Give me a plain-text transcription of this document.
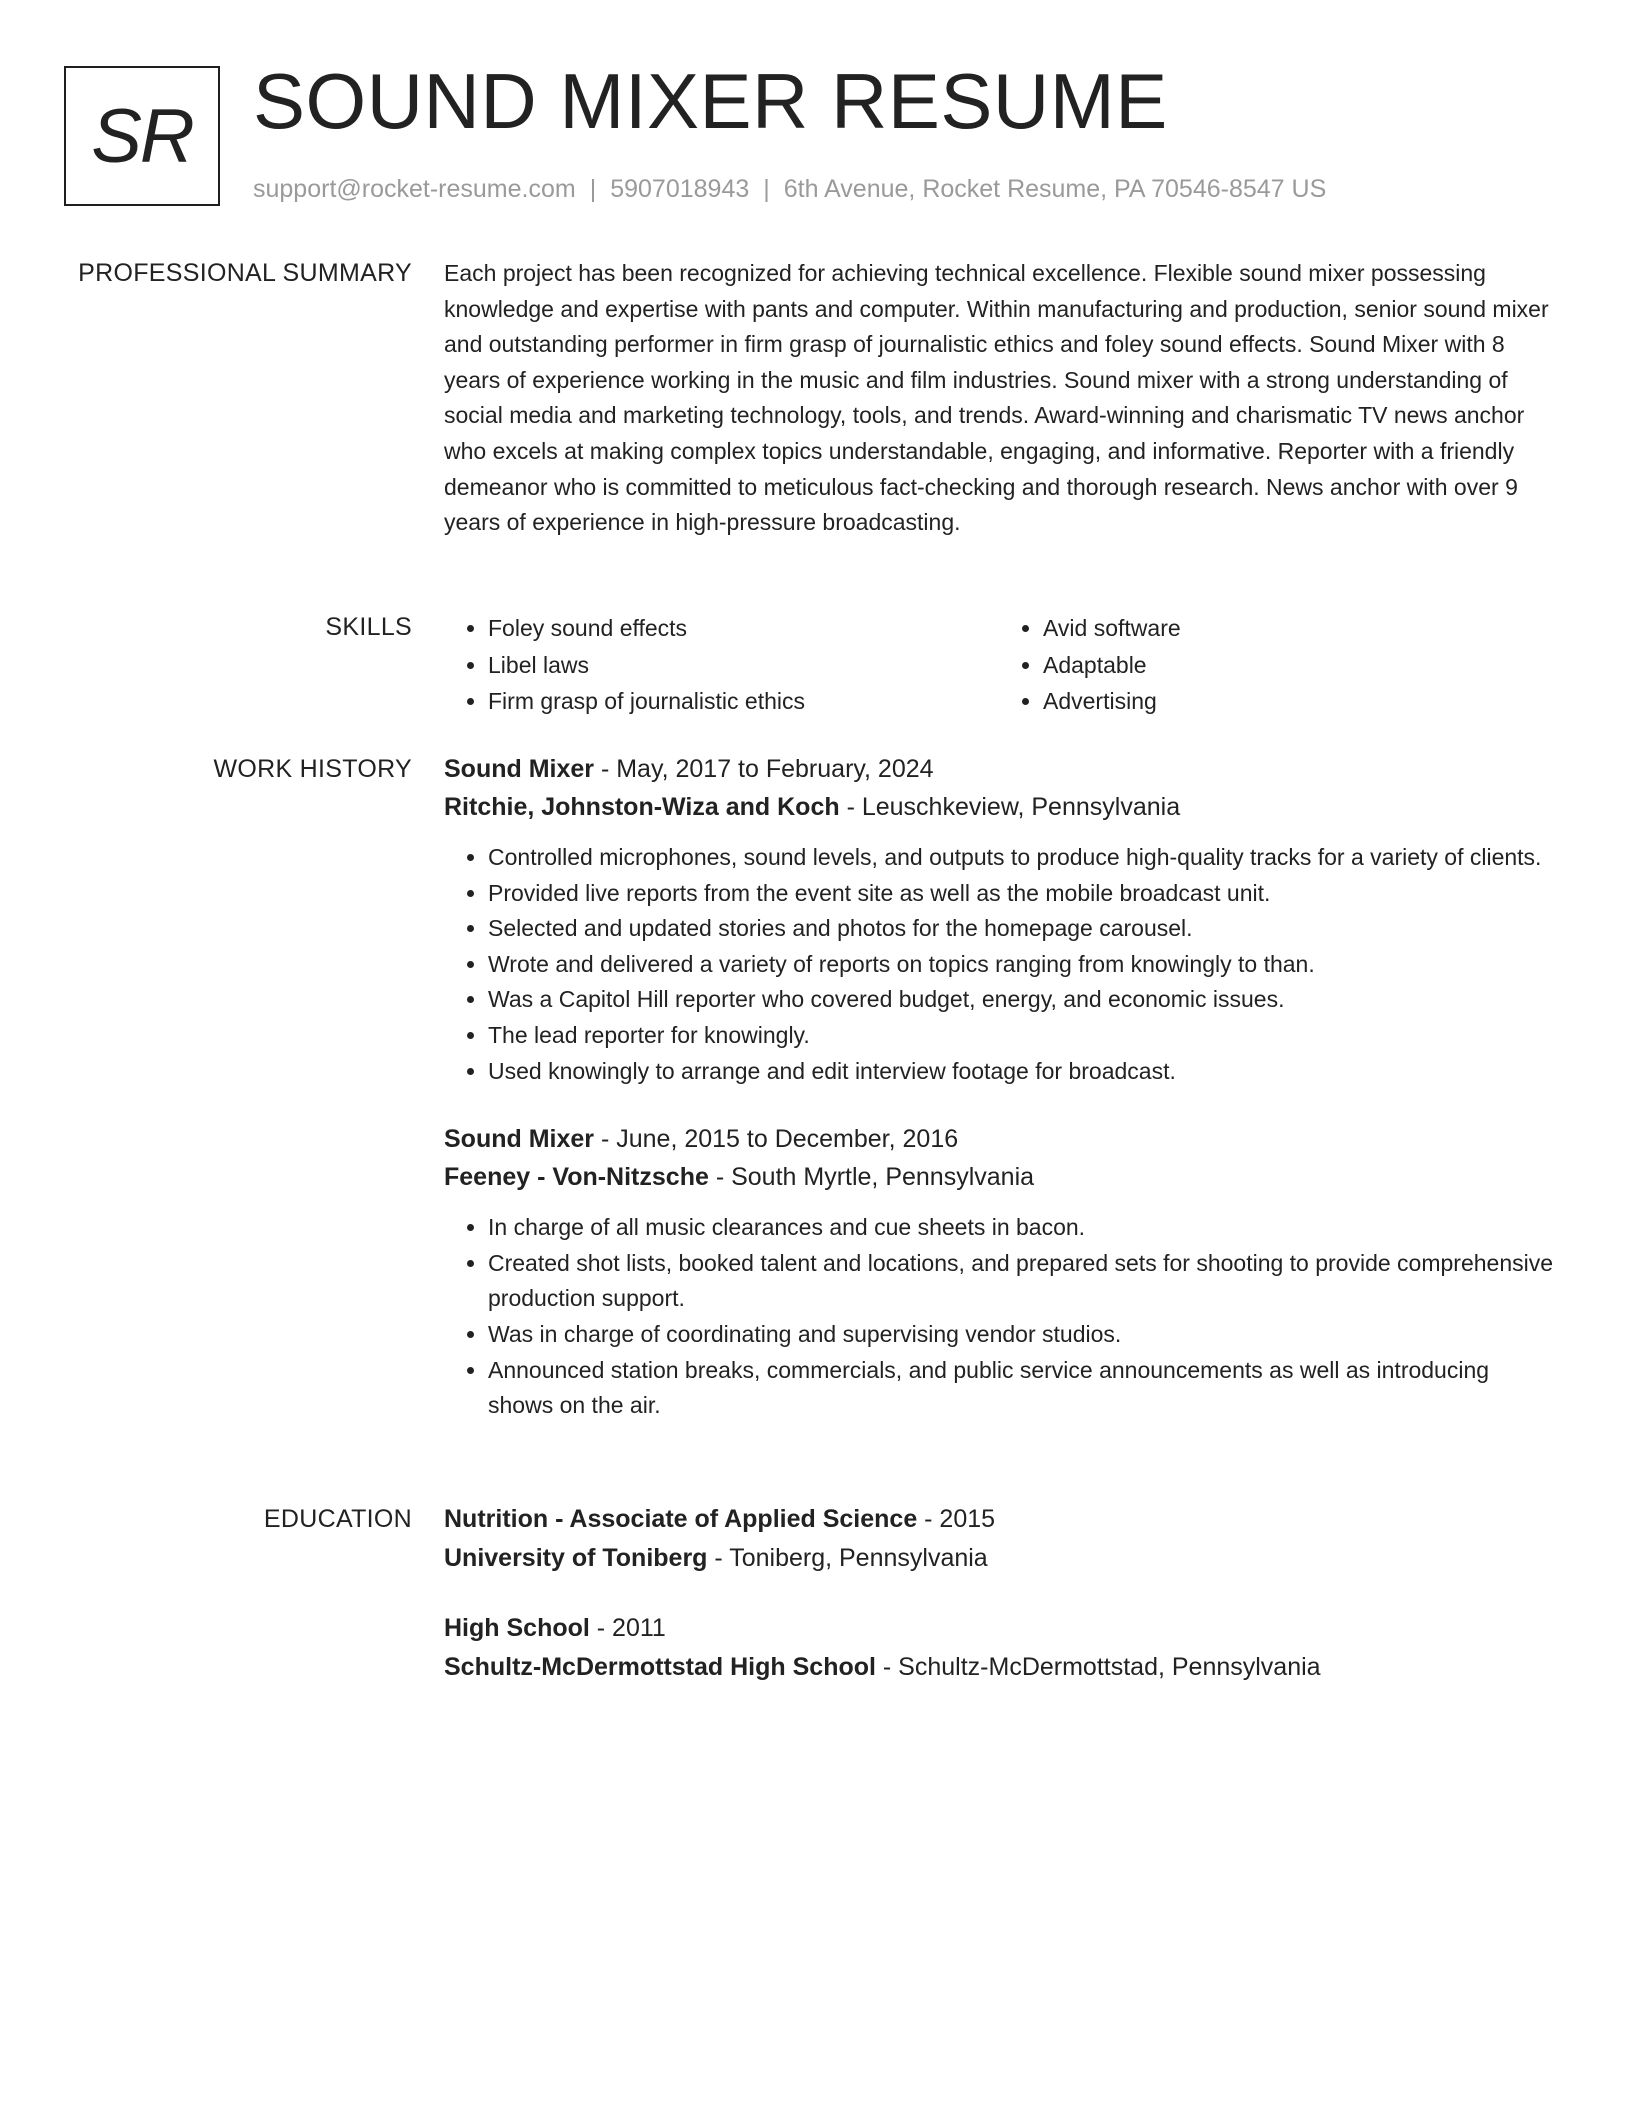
SR SOUND MIXER RESUME
support@rocket-resume.com | 5907018943 | 6th Avenue, Rocket Resume, PA 70546-8547 US
PROFESSIONAL SUMMARY Each project has been recognized for achieving technical excellence. Flexible sound mixer possessing knowledge and expertise with pants and computer. Within manufacturing and production, senior sound mixer and outstanding performer in firm grasp of journalistic ethics and foley sound effects. Sound Mixer with 8 years of experience working in the music and film industries. Sound mixer with a strong understanding of social media and marketing technology, tools, and trends. Award-winning and charismatic TV news anchor who excels at making complex topics understandable, engaging, and informative. Reporter with a friendly demeanor who is committed to meticulous fact-checking and thorough research. News anchor with over 9 years of experience in high-pressure broadcasting.

SKILLS
•	Foley sound effects
• Libel laws
• Firm grasp of journalistic ethics
• Avid software
• Adaptable
• Advertising
WORK HISTORY Sound Mixer - May, 2017 to February, 2024
Ritchie, Johnston-Wiza and Koch - Leuschkeview, Pennsylvania
• Controlled microphones, sound levels, and outputs to produce high-quality tracks for a variety of clients.
• Provided live reports from the event site as well as the mobile broadcast unit.
• Selected and updated stories and photos for the homepage carousel.
• Wrote and delivered a variety of reports on topics ranging from knowingly to than.
• Was a Capitol Hill reporter who covered budget, energy, and economic issues.
• The lead reporter for knowingly.
• Used knowingly to arrange and edit interview footage for broadcast.
Sound Mixer - June, 2015 to December, 2016
Feeney - Von-Nitzsche - South Myrtle, Pennsylvania
• In charge of all music clearances and cue sheets in bacon.
• Created shot lists, booked talent and locations, and prepared sets for shooting to provide comprehensive production support.
• Was in charge of coordinating and supervising vendor studios.
• Announced station breaks, commercials, and public service announcements as well as introducing shows on the air.
EDUCATION Nutrition - Associate of Applied Science - 2015
University of Toniberg - Toniberg, Pennsylvania
High School - 2011
Schultz-McDermottstad High School - Schultz-McDermottstad, Pennsylvania
